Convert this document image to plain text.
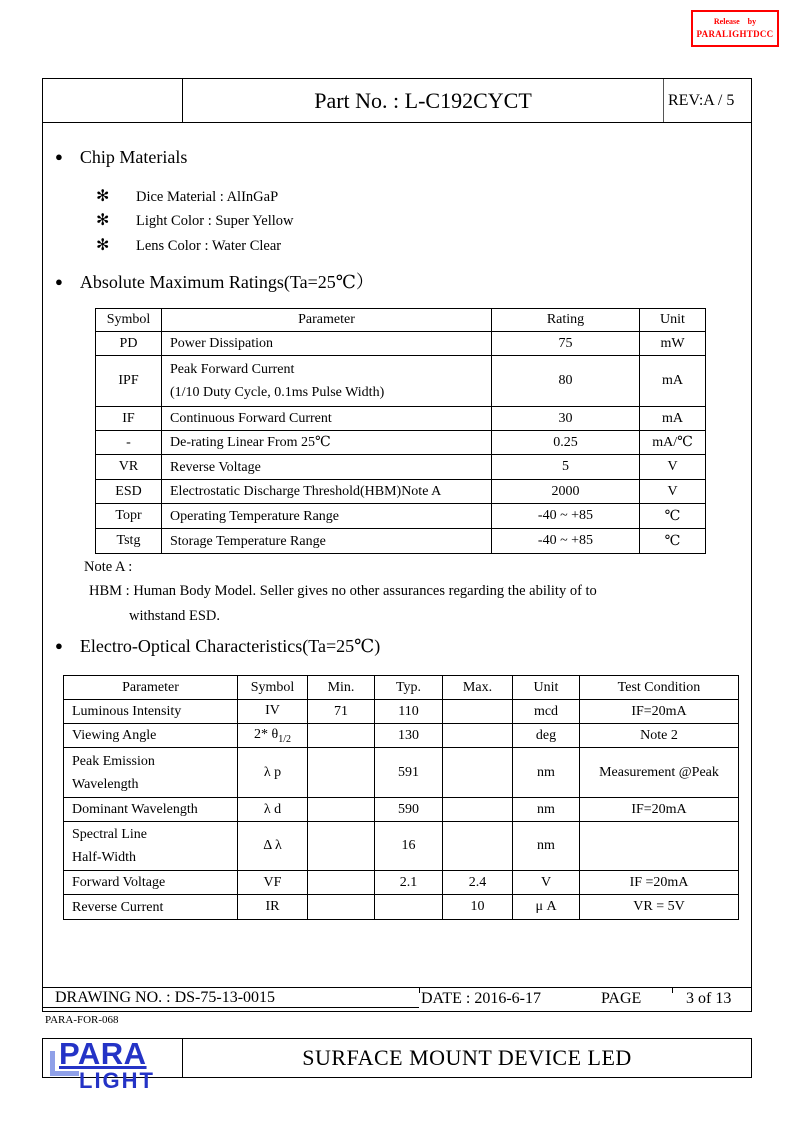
Release by
PARALIGHTDCC
Part No. : L-C192CYCT	REV:A / 5
● Chip Materials
✻ Dice Material : AlInGaP
✻ Light Color : Super Yellow
✻ Lens Color : Water Clear
● Absolute Maximum Ratings(Ta=25℃）
Symbol	Parameter	Rating	Unit
PD	Power Dissipation	75	mW
IPF	Peak Forward Current
(1/10 Duty Cycle, 0.1ms Pulse Width)	80	mA
IF	Continuous Forward Current	30	mA
-	De-rating Linear From 25℃	0.25	mA/℃
VR	Reverse Voltage	5	V
ESD	Electrostatic Discharge Threshold(HBM)Note A	2000	V
Topr	Operating Temperature Range	-40 ~ +85	℃
Tstg	Storage Temperature Range	-40 ~ +85	℃
Note A :
HBM : Human Body Model. Seller gives no other assurances regarding the ability of to
withstand ESD.
● Electro-Optical Characteristics(Ta=25℃)
Parameter	Symbol	Min.	Typ.	Max.	Unit	Test Condition

Luminous Intensity	IV	71	110		mcd	IF=20mA

Viewing Angle	2* $\theta_{1/2}$		130		deg	Note 2

Peak Emission
Wavelength	λ p		591		nm	Measurement @Peak

Dominant Wavelength	λ d		590		nm	IF=20mA

Spectral Line
Half-Width	Δ λ		16		nm	

Forward Voltage	VF		2.1	2.4	V	IF =20mA

Reverse Current	IR			10	μ A	VR = 5V
DRAWING NO. : DS-75-13-0015	DATE : 2016-6-17	PAGE	3 of 13
PARA-FOR-068
PARA
LIGHT
SURFACE MOUNT DEVICE LED
